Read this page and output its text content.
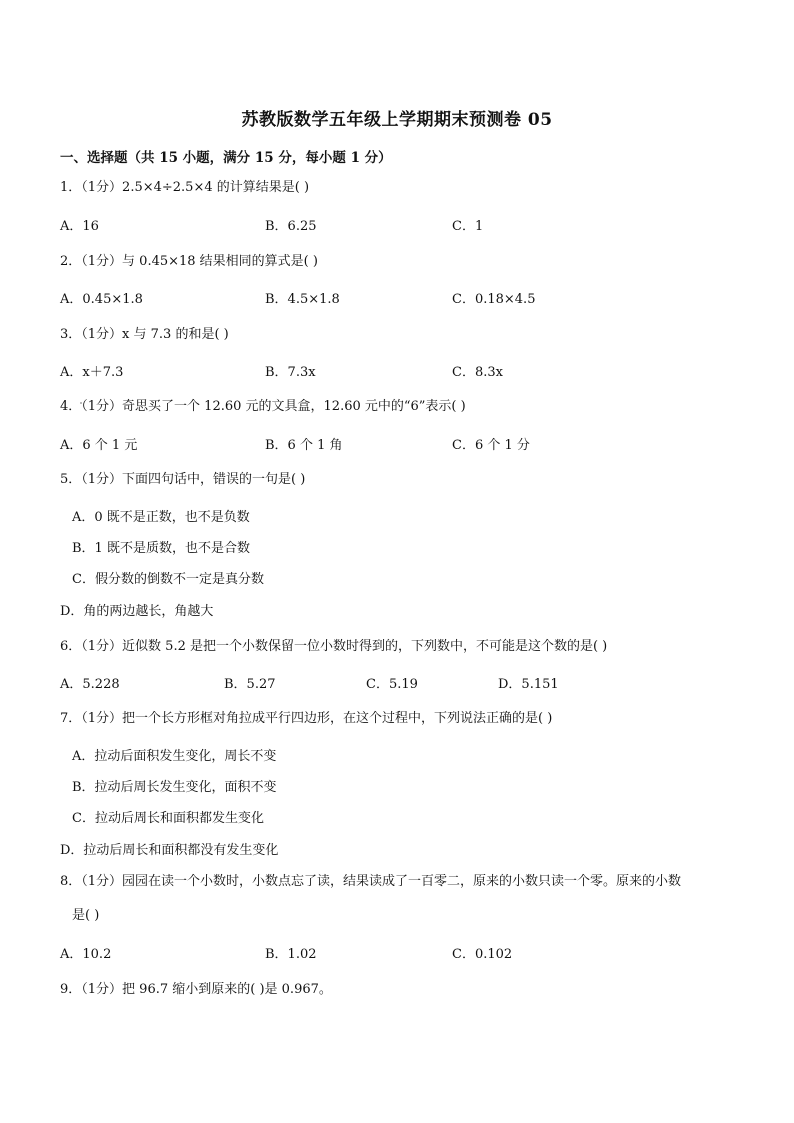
苏教版数学五年级上学期期末预测卷 05
一、选择题（共 15 小题，满分 15 分，每小题 1 分）
1．（1分）2.5×4÷2.5×4 的计算结果是( )
A．16	B．6.25	C．1
2．（1分）与 0.45×18 结果相同的算式是( )
A．0.45×1.8	B．4.5×1.8	C．0.18×4.5
3．（1分）x 与 7.3 的和是( )
A．x＋7.3	B．7.3x	C．8.3x
4．（1分）奇思买了一个 12.60 元的文具盒，12.60 元中的“6”表示( )
A．6 个 1 元	B．6 个 1 角	C．6 个 1 分
5．（1分）下面四句话中，错误的一句是( )
A．0 既不是正数，也不是负数
B．1 既不是质数，也不是合数
C．假分数的倒数不一定是真分数
D．角的两边越长，角越大
6．（1分）近似数 5.2 是把一个小数保留一位小数时得到的，下列数中，不可能是这个数的是( )
A．5.228	B．5.27	C．5.19	D．5.151
7．（1分）把一个长方形框对角拉成平行四边形，在这个过程中，下列说法正确的是( )
A．拉动后面积发生变化，周长不变
B．拉动后周长发生变化，面积不变
C．拉动后周长和面积都发生变化
D．拉动后周长和面积都没有发生变化
8．（1分）园园在读一个小数时，小数点忘了读，结果读成了一百零二，原来的小数只读一个零。原来的小数
是( )
A．10.2	B．1.02	C．0.102
9．（1分）把 96.7 缩小到原来的( )是 0.967。
